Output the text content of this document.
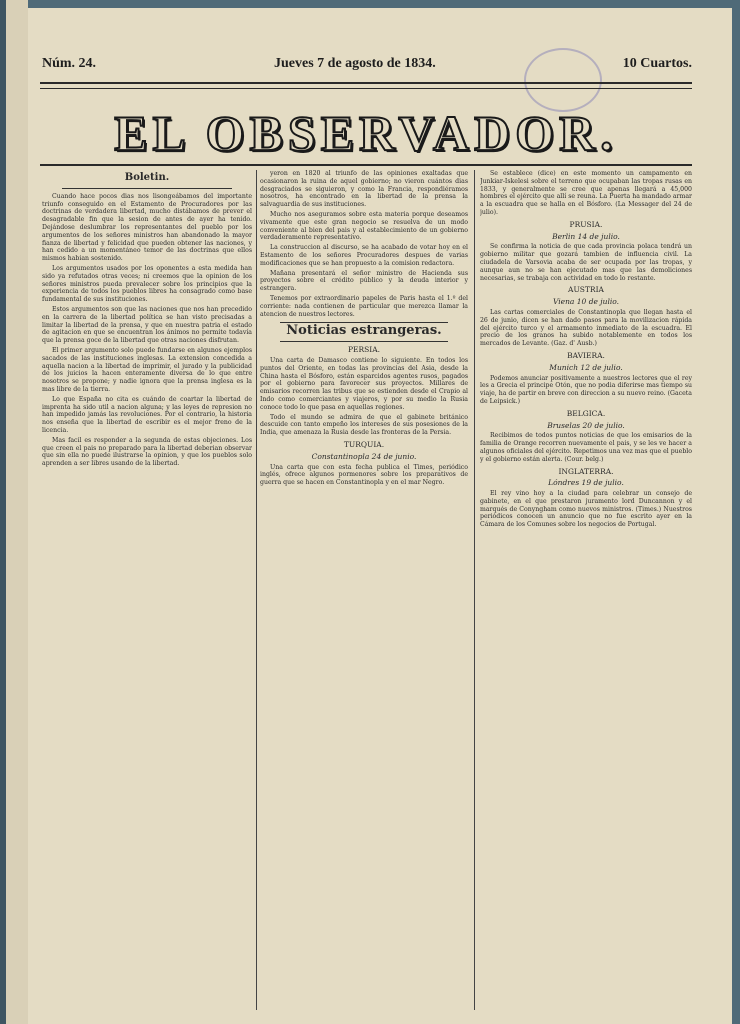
Núm. 24.	Jueves 7 de agosto de 1834.	10 Cuartos.
EL OBSERVADOR.
Boletin.

Cuando hace pocos dias nos lisongeábamos del importante triunfo conseguido en el Estamento de Procuradores por las doctrinas de verdadera libertad, mucho distábamos de prever el desagradable fin que la sesion de antes de ayer ha tenido. Dejándose deslumbrar los representantes del pueblo por los argumentos de los señores ministros han abandonado la mayor fianza de libertad y felicidad que pueden obtener las naciones, y han cedido a un momentáneo temor de las doctrinas que ellos mismos habian sostenido.

Los argumentos usados por los oponentes a esta medida han sido ya refutados otras veces; ni creemos que la opinion de los señores ministros pueda prevalecer sobre los principios que la experiencia de todos los pueblos libres ha consagrado como base fundamental de sus instituciones.

Estos argumentos son que las naciones que nos han precedido en la carrera de la libertad política se han visto precisadas a limitar la libertad de la prensa, y que en nuestra patria el estado de agitacion en que se encuentran los ánimos no permite todavía que la prensa goce de la libertad que otras naciones disfrutan.

El primer argumento solo puede fundarse en algunos ejemplos sacados de las instituciones inglesas. La extension concedida a aquella nacion a la libertad de imprimir, el jurado y la publicidad de los juicios la hacen enteramente diversa de lo que entre nosotros se propone; y nadie ignora que la prensa inglesa es la mas libre de la tierra.

Lo que España no cita es cuándo de coartar la libertad de imprenta ha sido util a nacion alguna; y las leyes de represion no han impedido jamás las revoluciones. Por el contrario, la historia nos enseña que la libertad de escribir es el mejor freno de la licencia.

Mas facil es responder a la segunda de estas objeciones. Los que creen el pais no preparado para la libertad deberian observar que sin ella no puede ilustrarse la opinion, y que los pueblos solo aprenden a ser libres usando de la libertad.

yeron en 1820 al triunfo de las opiniones exaltadas que ocasionaron la ruina de aquel gobierno; no vieron cuántos dias desgraciados se siguieron, y como la Francia, respondiéramos nosotros, ha encontrado en la libertad de la prensa la salvaguardia de sus instituciones.

Mucho nos aseguramos sobre esta materia porque deseamos vivamente que este gran negocio se resuelva de un modo conveniente al bien del pais y al establecimiento de un gobierno verdaderamente representativo.

La construccion al discurso, se ha acabado de votar hoy en el Estamento de los señores Procuradores despues de varias modificaciones que se han propuesto a la comision redactora.

Mañana presentará el señor ministro de Hacienda sus proyectos sobre el crédito público y la deuda interior y estrangera.

Tenemos por extraordinario papeles de Paris hasta el 1.º del corriente: nada contienen de particular que merezca llamar la atencion de nuestros lectores.

Noticias estrangeras.
PERSIA.

Una carta de Damasco contiene lo siguiente. En todos los puntos del Oriente, en todas las provincias del Asia, desde la China hasta el Bósforo, están esparcidos agentes rusos, pagados por el gobierno para favorecer sus proyectos. Millares de emisarios recorren las tribus que se estienden desde el Crapio al Indo como comerciantes y viajeros, y por su medio la Rusia conoce todo lo que pasa en aquellas regiones.

Todo el mundo se admira de que el gabinete británico descuide con tanto empeño los intereses de sus posesiones de la India, que amenaza la Rusia desde las fronteras de la Persia.

TURQUIA.
Constantinopla 24 de junio.

Una carta que con esta fecha publica el Times, periódico inglés, ofrece algunos pormenores sobre los preparativos de guerra que se hacen en Constantinopla y en el mar Negro.

Se establece (dice) en este momento un campamento en Junkiar-Iskelesi sobre el terreno que ocupaban las tropas rusas en 1833, y generalmente se cree que apenas llegará a 45,000 hombres el ejército que allí se reuna. La Puerta ha mandado armar a la escuadra que se halla en el Bósforo. (La Messager del 24 de julio).

PRUSIA.
Berlin 14 de julio.

Se confirma la noticia de que cada provincia polaca tendrá un gobierno militar que gozará tambien de influencia civil. La ciudadela de Varsovia acaba de ser ocupada por las tropas, y aunque aun no se han ejecutado mas que las demoliciones necesarias, se trabaja con actividad en todo lo restante.

AUSTRIA
Viena 10 de julio.

Las cartas comerciales de Constantinopla que llegan hasta el 26 de junio, dicen se han dado pasos para la movilizacion rápida del ejército turco y el armamento inmediato de la escuadra. El precio de los granos ha subido notablemente en todos los mercados de Levante. (Gaz. d' Ausb.)

BAVIERA.
Munich 12 de julio.

Podemos anunciar positivamente a nuestros lectores que el rey les a Grecia el principe Otón, que no podia diferirse mas tiempo su viaje, ha de partir en breve con direccion a su nuevo reino. (Gaceta de Leipsick.)

BELGICA.
Bruselas 20 de julio.

Recibimos de todos puntos noticias de que los emisarios de la familia de Orange recorren nuevamente el pais, y se les ve hacer a algunos oficiales del ejército. Repetimos una vez mas que el pueblo y el gobierno están alerta. (Cour. belg.)

INGLATERRA.
Lóndres 19 de julio.

El rey vino hoy a la ciudad para celebrar un consejo de gabinete, en el que prestaron juramento lord Duncannon y el marqués de Conyngham como nuevos ministros. (Times.) Nuestros periódicos conocen un anuncio que no fue escrito ayer en la Cámara de los Comunes sobre los negocios de Portugal.
